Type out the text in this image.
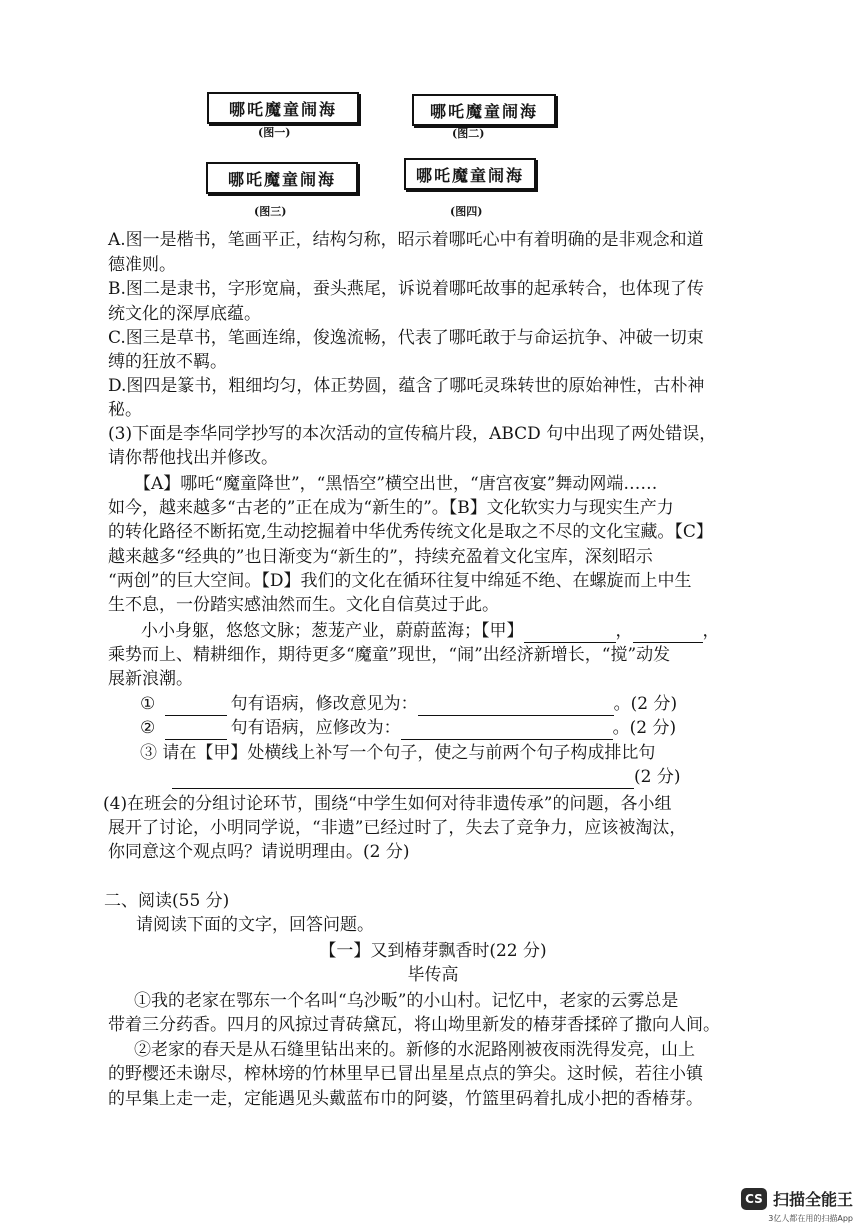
哪吒魔童闹海
(图一)
哪吒魔童闹海
(图二)
哪吒魔童闹海
(图三)
哪吒魔童闹海
(图四)
A.图一是楷书，笔画平正，结构匀称，昭示着哪吒心中有着明确的是非观念和道
德准则。
B.图二是隶书，字形宽扁，蚕头燕尾，诉说着哪吒故事的起承转合，也体现了传
统文化的深厚底蕴。
C.图三是草书，笔画连绵，俊逸流畅，代表了哪吒敢于与命运抗争、冲破一切束
缚的狂放不羁。
D.图四是篆书，粗细均匀，体正势圆，蕴含了哪吒灵珠转世的原始神性，古朴神
秘。
(3)下面是李华同学抄写的本次活动的宣传稿片段，ABCD 句中出现了两处错误，
请你帮他找出并修改。
【A】哪吒“魔童降世”，“黑悟空”横空出世，“唐宫夜宴”舞动网端……
如今，越来越多“古老的”正在成为“新生的”。【B】文化软实力与现实生产力
的转化路径不断拓宽,生动挖掘着中华优秀传统文化是取之不尽的文化宝藏。【C】
越来越多“经典的”也日渐变为“新生的”，持续充盈着文化宝库，深刻昭示
“两创”的巨大空间。【D】我们的文化在循环往复中绵延不绝、在螺旋而上中生
生不息，一份踏实感油然而生。文化自信莫过于此。
小小身躯，悠悠文脉；葱茏产业，蔚蔚蓝海；【甲】	，	，
乘势而上、精耕细作，期待更多“魔童”现世，“闹”出经济新增长，“搅”动发
展新浪潮。
①	句有语病，修改意见为：	。(2 分)
②	句有语病，应修改为：	。(2 分)
③ 请在【甲】处横线上补写一个句子，使之与前两个句子构成排比句
(2 分)
(4)在班会的分组讨论环节，围绕“中学生如何对待非遗传承”的问题，各小组
展开了讨论，小明同学说，“非遗”已经过时了，失去了竞争力，应该被淘汰，
你同意这个观点吗？请说明理由。(2 分)
二、阅读(55 分)
请阅读下面的文字，回答问题。
【一】又到椿芽飘香时(22 分)
毕传高
①我的老家在鄂东一个名叫“乌沙畈”的小山村。记忆中，老家的云雾总是
带着三分药香。四月的风掠过青砖黛瓦，将山坳里新发的椿芽香揉碎了撒向人间。
②老家的春天是从石缝里钻出来的。新修的水泥路刚被夜雨洗得发亮，山上
的野樱还未谢尽，榨林塝的竹林里早已冒出星星点点的笋尖。这时候，若往小镇
的早集上走一走，定能遇见头戴蓝布巾的阿婆，竹篮里码着扎成小把的香椿芽。
CS 扫描全能王
3亿人都在用的扫描App
